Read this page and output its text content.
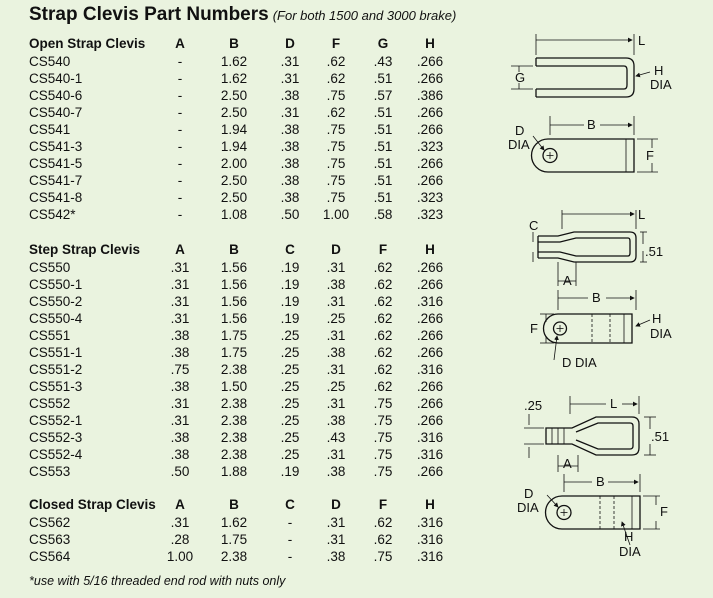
Strap Clevis Part Numbers (For both 1500 and 3000 brake)
Open Strap Clevis	A	B	D	F	G	H
CS540	-	1.62	.31	.62	.43	.266
CS540-1	-	1.62	.31	.62	.51	.266
CS540-6	-	2.50	.38	.75	.57	.386
CS540-7	-	2.50	.31	.62	.51	.266
CS541	-	1.94	.38	.75	.51	.266
CS541-3	-	1.94	.38	.75	.51	.323
CS541-5	-	2.00	.38	.75	.51	.266
CS541-7	-	2.50	.38	.75	.51	.266
CS541-8	-	2.50	.38	.75	.51	.323
CS542*	-	1.08	.50	1.00	.58	.323
Step Strap Clevis	A	B	C	D	F	H
CS550	.31	1.56	.19	.31	.62	.266
CS550-1	.31	1.56	.19	.38	.62	.266
CS550-2	.31	1.56	.19	.31	.62	.316
CS550-4	.31	1.56	.19	.25	.62	.266
CS551	.38	1.75	.25	.31	.62	.266
CS551-1	.38	1.75	.25	.38	.62	.266
CS551-2	.75	2.38	.25	.31	.62	.316
CS551-3	.38	1.50	.25	.25	.62	.266
CS552	.31	2.38	.25	.31	.75	.266
CS552-1	.31	2.38	.25	.38	.75	.266
CS552-3	.38	2.38	.25	.43	.75	.316
CS552-4	.38	2.38	.25	.31	.75	.316
CS553	.50	1.88	.19	.38	.75	.266
Closed Strap Clevis	A	B	C	D	F	H
CS562	.31	1.62	-	.31	.62	.316
CS563	.28	1.75	-	.31	.62	.316
CS564	1.00	2.38	-	.38	.75	.316
*use with 5/16 threaded end rod with nuts only
L
G	H
DIA
D
DIA
B
F
L
C
.51
A
B
F
H
DIA
D DIA
.25	L
.51
A
B
D
DIA	F
H
DIA
